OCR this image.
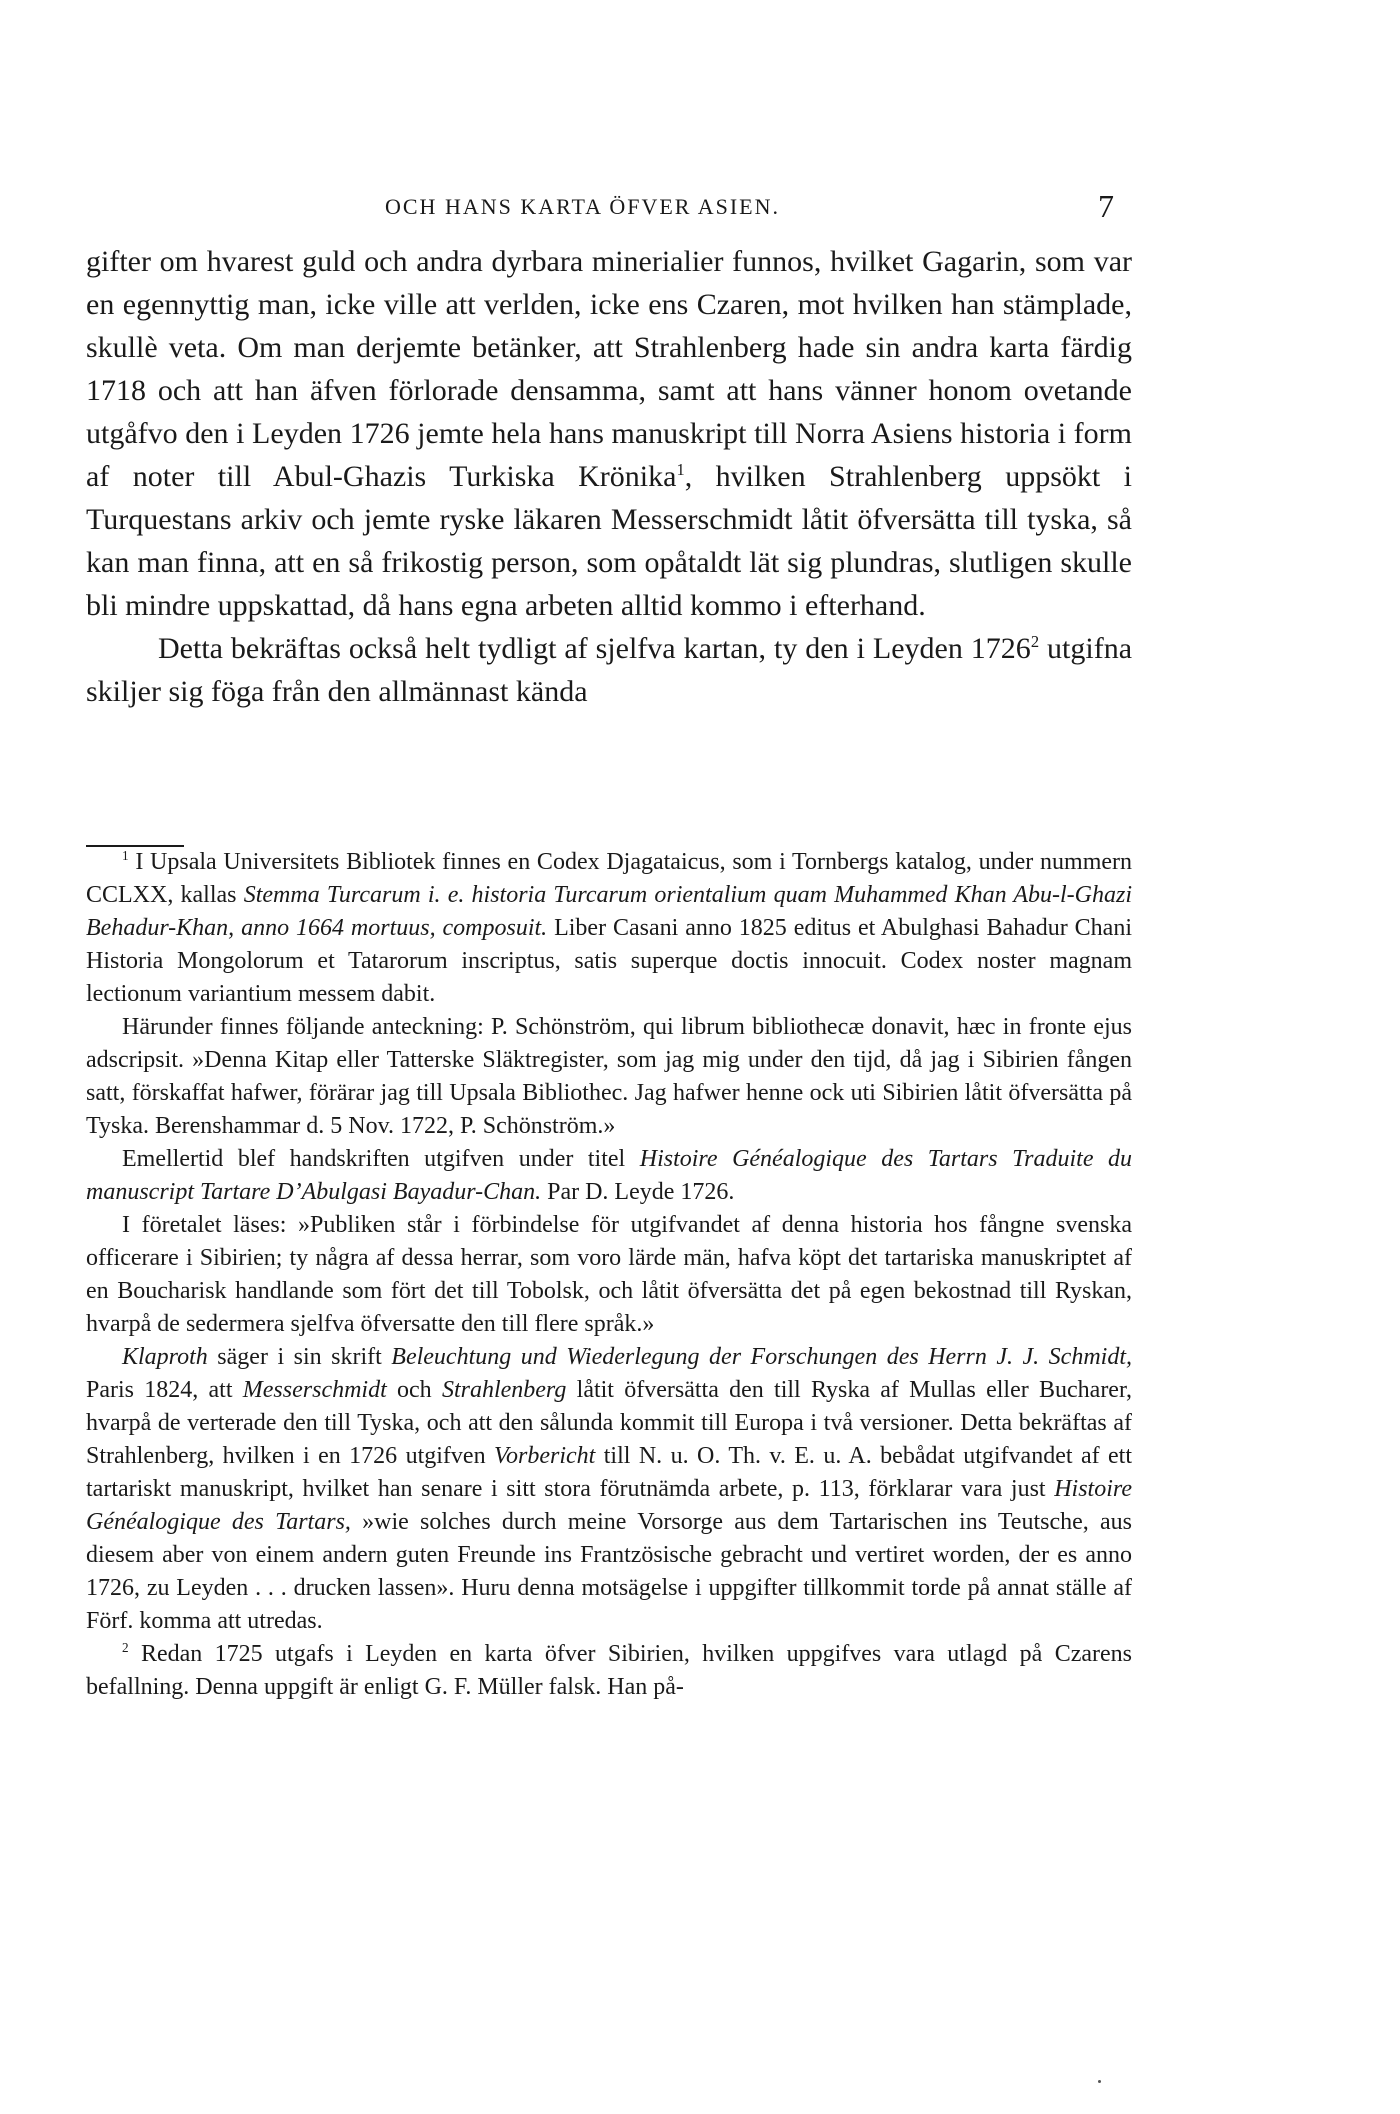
OCH HANS KARTA ÖFVER ASIEN.	7

gifter om hvarest guld och andra dyrbara minerialier funnos, hvilket Gagarin, som var en egennyttig man, icke ville att verlden, icke ens Czaren, mot hvilken han stämplade, skullè veta. Om man derjemte betänker, att Strahlenberg hade sin andra karta färdig 1718 och att han äfven förlorade densamma, samt att hans vänner honom ovetande utgåfvo den i Leyden 1726 jemte hela hans manuskript till Norra Asiens historia i form af noter till Abul-Ghazis Turkiska Krönika$^1$, hvilken Strahlenberg uppsökt i Turquestans arkiv och jemte ryske läkaren Messerschmidt låtit öfversätta till tyska, så kan man finna, att en så frikostig person, som opåtaldt lät sig plundras, slutligen skulle bli mindre uppskattad, då hans egna arbeten alltid kommo i efterhand.

Detta bekräftas också helt tydligt af sjelfva kartan, ty den i Leyden 1726$^2$ utgifna skiljer sig föga från den allmännast kända

$^1$ I Upsala Universitets Bibliotek finnes en Codex Djagataicus, som i Tornbergs katalog, under nummern CCLXX, kallas Stemma Turcarum i. e. historia Turcarum orientalium quam Muhammed Khan Abu-l-Ghazi Behadur-Khan, anno 1664 mortuus, composuit. Liber Casani anno 1825 editus et Abulghasi Bahadur Chani Historia Mongolorum et Tatarorum inscriptus, satis superque doctis innocuit. Codex noster magnam lectionum variantium messem dabit.

Härunder finnes följande anteckning: P. Schönström, qui librum bibliothecæ donavit, hæc in fronte ejus adscripsit. »Denna Kitap eller Tatterske Släktregister, som jag mig under den tijd, då jag i Sibirien fången satt, förskaffat hafwer, förärar jag till Upsala Bibliothec. Jag hafwer henne ock uti Sibirien låtit öfversätta på Tyska. Berenshammar d. 5 Nov. 1722, P. Schönström.»

Emellertid blef handskriften utgifven under titel Histoire Généalogique des Tartars Traduite du manuscript Tartare D’Abulgasi Bayadur-Chan. Par D. Leyde 1726.

I företalet läses: »Publiken står i förbindelse för utgifvandet af denna historia hos fångne svenska officerare i Sibirien; ty några af dessa herrar, som voro lärde män, hafva köpt det tartariska manuskriptet af en Boucharisk handlande som fört det till Tobolsk, och låtit öfversätta det på egen bekostnad till Ryskan, hvarpå de sedermera sjelfva öfversatte den till flere språk.»

Klaproth säger i sin skrift Beleuchtung und Wiederlegung der Forschungen des Herrn J. J. Schmidt, Paris 1824, att Messerschmidt och Strahlenberg låtit öfversätta den till Ryska af Mullas eller Bucharer, hvarpå de verterade den till Tyska, och att den sålunda kommit till Europa i två versioner. Detta bekräftas af Strahlenberg, hvilken i en 1726 utgifven Vorbericht till N. u. O. Th. v. E. u. A. bebådat utgifvandet af ett tartariskt manuskript, hvilket han senare i sitt stora förutnämda arbete, p. 113, förklarar vara just Histoire Généalogique des Tartars, »wie solches durch meine Vorsorge aus dem Tartarischen ins Teutsche, aus diesem aber von einem andern guten Freunde ins Frantzösische gebracht und vertiret worden, der es anno 1726, zu Leyden . . . drucken lassen». Huru denna motsägelse i uppgifter tillkommit torde på annat ställe af Förf. komma att utredas.

$^2$ Redan 1725 utgafs i Leyden en karta öfver Sibirien, hvilken uppgifves vara utlagd på Czarens befallning. Denna uppgift är enligt G. F. Müller falsk. Han på-
